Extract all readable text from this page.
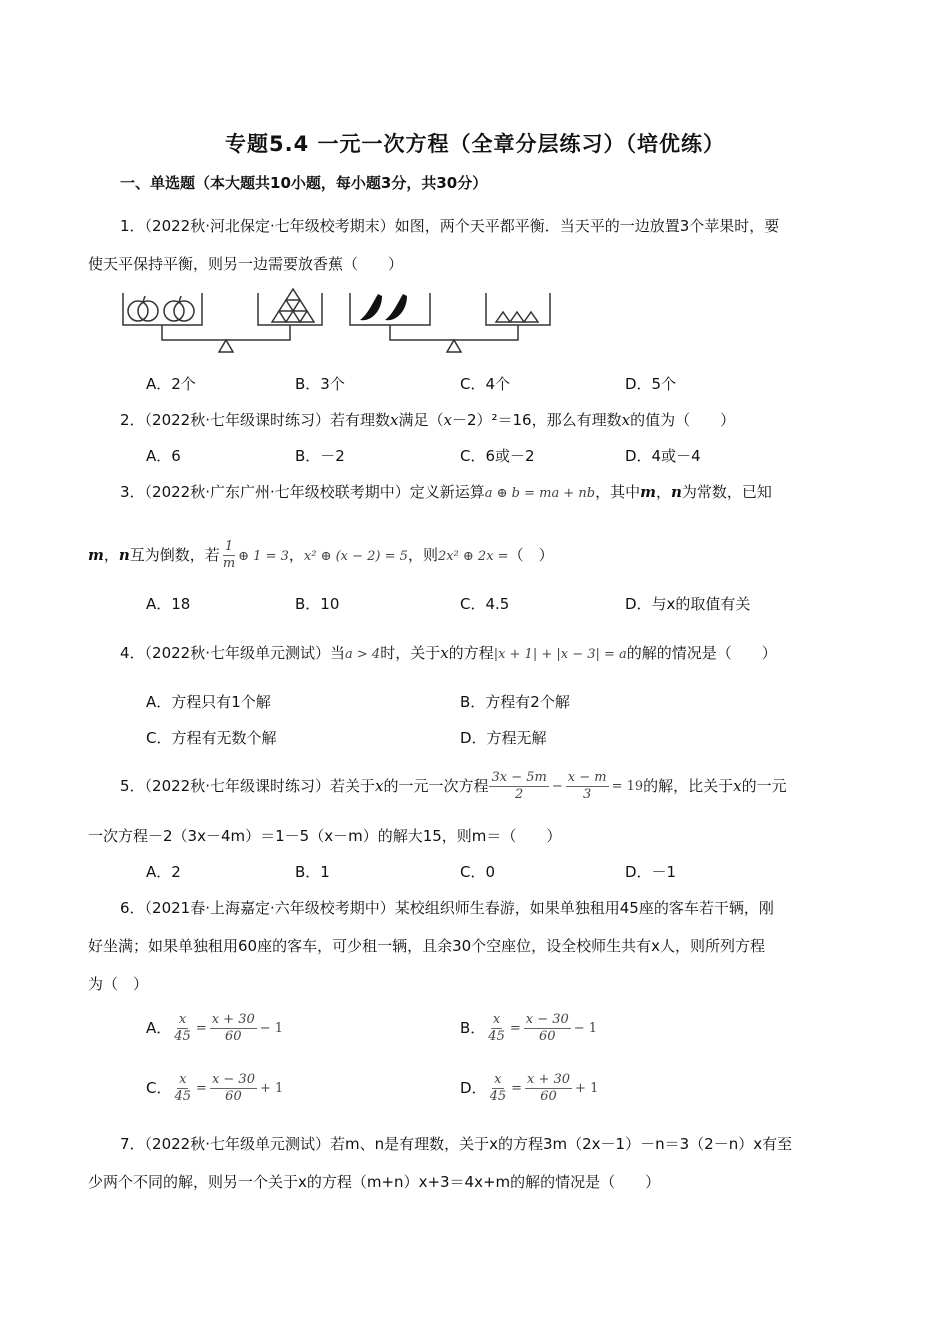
专题5.4 一元一次方程（全章分层练习）（培优练）
一、单选题（本大题共10小题，每小题3分，共30分）
1．（2022秋·河北保定·七年级校考期末）如图，两个天平都平衡．当天平的一边放置3个苹果时，要
使天平保持平衡，则另一边需要放香蕉（　　）
A．2个	B．3个	C．4个	D．5个
2．（2022秋·七年级课时练习）若有理数x满足（x－2）²＝16，那么有理数x的值为（　　）
A．6	B．－2	C．6或－2	D．4或－4
3．（2022秋·广东广州·七年级校联考期中）定义新运算a ⊕ b = ma + nb，其中m，n为常数，已知
m，n互为倒数，若 $\frac{1}{m}$ ⊕ 1 = 3，x² ⊕ (x − 2) = 5，则2x² ⊕ 2x =（　）
A．18	B．10	C．4.5	D．与x的取值有关
4．（2022秋·七年级单元测试）当a > 4时，关于x的方程|x + 1| + |x − 3| = a的解的情况是（　　）
A．方程只有1个解	B．方程有2个解
C．方程有无数个解	D．方程无解
5．（2022秋·七年级课时练习）若关于x的一元一次方程 $\frac{3x - 5m}{2} - \frac{x - m}{3} = 19$ 的解，比关于x的一元
一次方程－2（3x－4m）＝1－5（x－m）的解大15，则m＝（　　）
A．2	B．1	C．0	D．－1
6．（2021春·上海嘉定·六年级校考期中）某校组织师生春游，如果单独租用45座的客车若干辆，刚
好坐满；如果单独租用60座的客车，可少租一辆，且余30个空座位，设全校师生共有x人，则所列方程
为（　）
A． $\frac{x}{45} = \frac{x + 30}{60} - 1$	B． $\frac{x}{45} = \frac{x - 30}{60} - 1$
C． $\frac{x}{45} = \frac{x - 30}{60} + 1$	D． $\frac{x}{45} = \frac{x + 30}{60} + 1$
7．（2022秋·七年级单元测试）若m、n是有理数，关于x的方程3m（2x－1）－n＝3（2－n）x有至
少两个不同的解，则另一个关于x的方程（m+n）x+3＝4x+m的解的情况是（　　）
